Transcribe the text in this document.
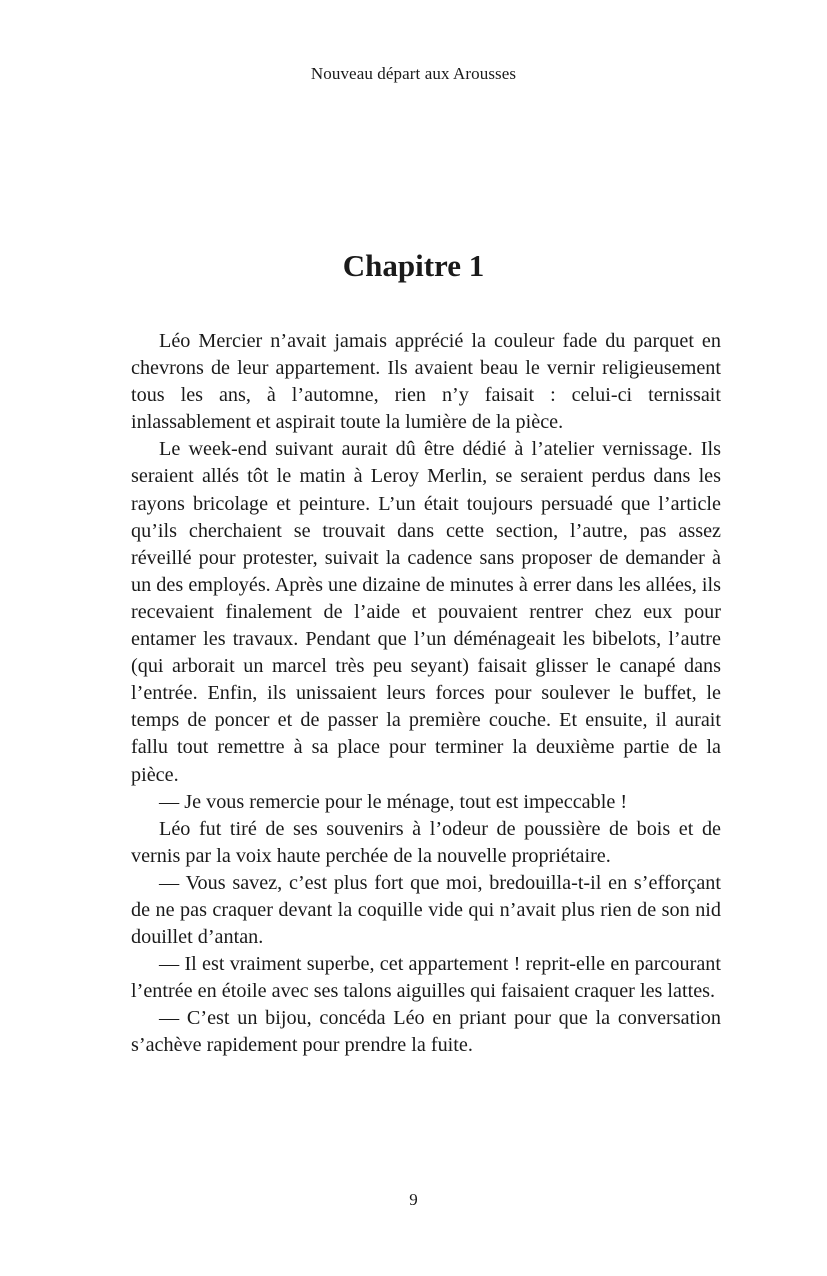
Nouveau départ aux Arousses
Chapitre 1

Léo Mercier n’avait jamais apprécié la couleur fade du parquet en chevrons de leur appartement. Ils avaient beau le vernir religieusement tous les ans, à l’automne, rien n’y faisait : celui-ci ternissait inlassablement et aspirait toute la lumière de la pièce.

Le week-end suivant aurait dû être dédié à l’atelier vernissage. Ils seraient allés tôt le matin à Leroy Merlin, se seraient perdus dans les rayons bricolage et peinture. L’un était toujours persuadé que l’article qu’ils cherchaient se trouvait dans cette section, l’autre, pas assez réveillé pour protester, suivait la cadence sans proposer de demander à un des employés. Après une dizaine de minutes à errer dans les allées, ils recevaient finalement de l’aide et pouvaient rentrer chez eux pour entamer les travaux. Pendant que l’un déménageait les bibelots, l’autre (qui arborait un marcel très peu seyant) faisait glisser le canapé dans l’entrée. Enfin, ils unissaient leurs forces pour soulever le buffet, le temps de poncer et de passer la première couche. Et ensuite, il aurait fallu tout remettre à sa place pour terminer la deuxième partie de la pièce.

— Je vous remercie pour le ménage, tout est impeccable !

Léo fut tiré de ses souvenirs à l’odeur de poussière de bois et de vernis par la voix haute perchée de la nouvelle propriétaire.

— Vous savez, c’est plus fort que moi, bredouilla-t-il en s’efforçant de ne pas craquer devant la coquille vide qui n’avait plus rien de son nid douillet d’antan.

— Il est vraiment superbe, cet appartement ! reprit-elle en parcourant l’entrée en étoile avec ses talons aiguilles qui faisaient craquer les lattes.

— C’est un bijou, concéda Léo en priant pour que la conversation s’achève rapidement pour prendre la fuite.

9
